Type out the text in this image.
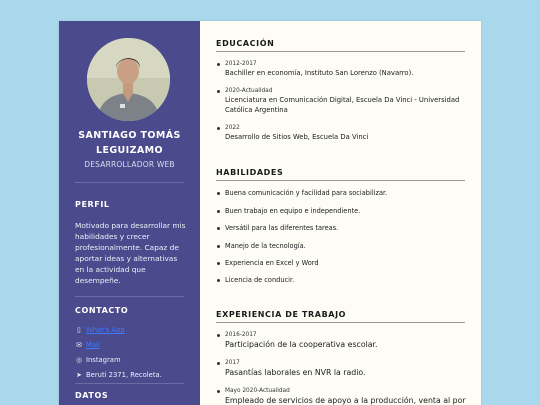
SANTIAGO TOMÁS LEGUIZAMO
DESARROLLADOR WEB
PERFIL
Motivado para desarrollar mis habilidades y crecer profesionalmente. Capaz de aportar ideas y alternativas en la actividad que desempeñe.
CONTACTO
▯ What's App
✉ Mail
◎ Instagram
➤ Beruti 2371, Recoleta.
DATOS
EDUCACIÓN
2012-2017
Bachiller en economía, Instituto San Lorenzo (Navarro).
2020-Actualidad
Licenciatura en Comunicación Digital, Escuela Da Vinci - Universidad Católica Argentina
2022
Desarrollo de Sitios Web, Escuela Da Vinci
HABILIDADES
Buena comunicación y facilidad para sociabilizar.
Buen trabajo en equipo e independiente.
Versátil para las diferentes tareas.
Manejo de la tecnología.
Experiencia en Excel y Word
Licencia de conducir.
EXPERIENCIA DE TRABAJO
2016-2017
Participación de la cooperativa escolar.
2017
Pasantías laborales en NVR la radio.
Mayo 2020-Actualidad
Empleado de servicios de apoyo a la producción, venta al por
